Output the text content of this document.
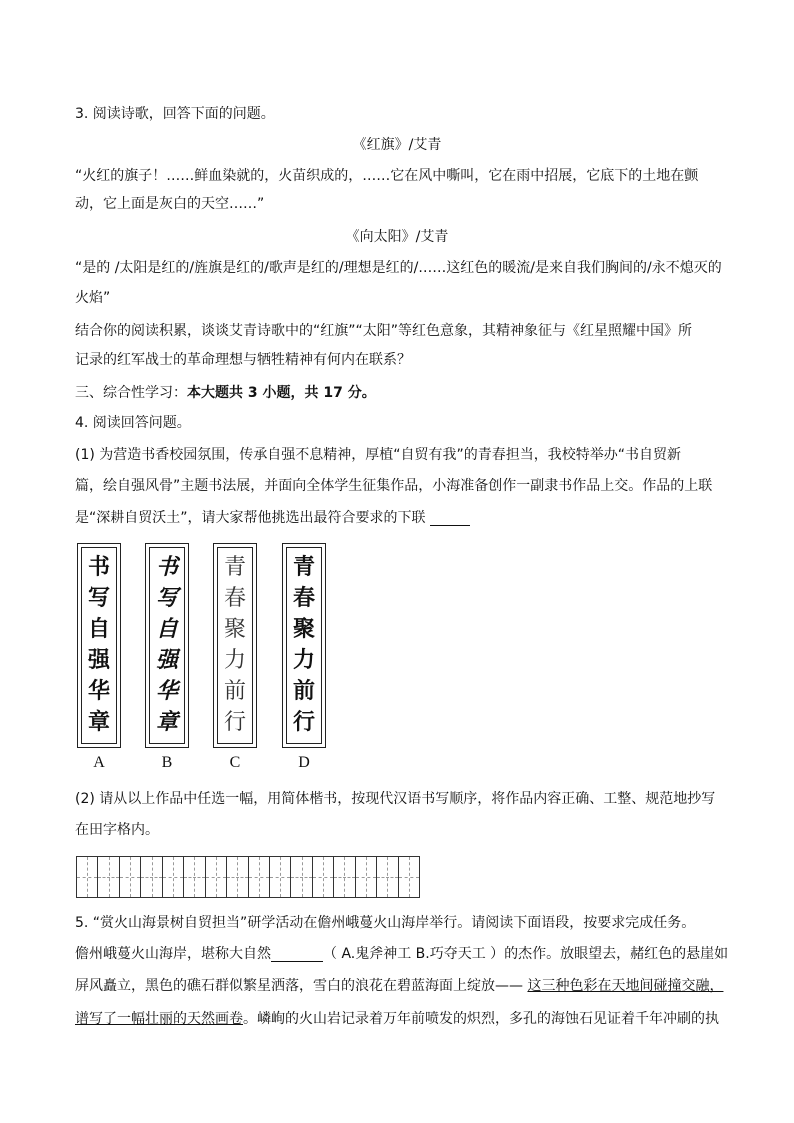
3. 阅读诗歌，回答下面的问题。
《红旗》/艾青
“火红的旗子！……鲜血染就的，火苗织成的，……它在风中嘶叫，它在雨中招展，它底下的土地在颤
动，它上面是灰白的天空……”
《向太阳》/艾青
“是的 /太阳是红的/旌旗是红的/歌声是红的/理想是红的/……这红色的暖流/是来自我们胸间的/永不熄灭的
火焰”
结合你的阅读积累，谈谈艾青诗歌中的“红旗”“太阳”等红色意象，其精神象征与《红星照耀中国》所
记录的红军战士的革命理想与牺牲精神有何内在联系？
三、综合性学习：本大题共 3 小题，共 17 分。
4. 阅读回答问题。
(1) 为营造书香校园氛围，传承自强不息精神，厚植“自贸有我”的青春担当，我校特举办“书自贸新
篇，绘自强风骨”主题书法展，并面向全体学生征集作品，小海准备创作一副隶书作品上交。作品的上联
是“深耕自贸沃土”，请大家帮他挑选出最符合要求的下联
书
写
自
强
华
章
书
写
自
强
华
章
青
春
聚
力
前
行
青
春
聚
力
前
行
A	B	C	D
(2) 请从以上作品中任选一幅，用简体楷书，按现代汉语书写顺序，将作品内容正确、工整、规范地抄写
在田字格内。
5. “赏火山海景树自贸担当”研学活动在儋州峨蔓火山海岸举行。请阅读下面语段，按要求完成任务。
儋州峨蔓火山海岸，堪称大自然	（ A.鬼斧神工 B.巧夺天工 ）的杰作。放眼望去，赭红色的悬崖如
屏风矗立，黑色的礁石群似繁星洒落，雪白的浪花在碧蓝海面上绽放—— 这三种色彩在天地间碰撞交融，
谱写了一幅壮丽的天然画卷。嶙峋的火山岩记录着万年前喷发的炽烈，多孔的海蚀石见证着千年冲刷的执
